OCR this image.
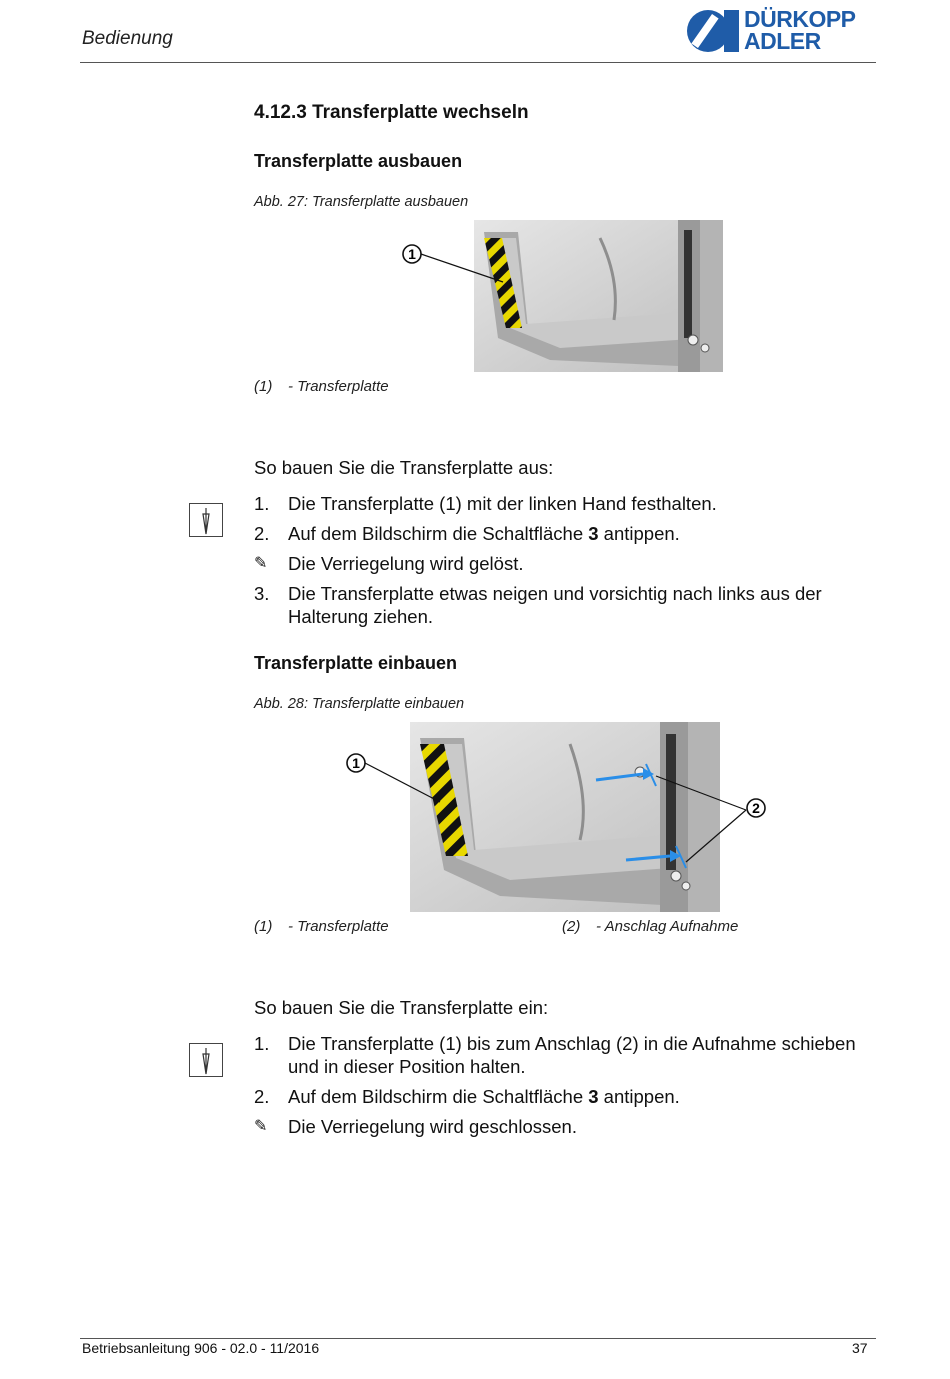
Bedienung
DÜRKOPP
ADLER
4.12.3 Transferplatte wechseln
Transferplatte ausbauen
Abb. 27: Transferplatte ausbauen
1
(1) - Transferplatte
So bauen Sie die Transferplatte aus:
1. Die Transferplatte (1) mit der linken Hand festhalten.
2. Auf dem Bildschirm die Schaltfläche 3 antippen.
✎ Die Verriegelung wird gelöst.
3. Die Transferplatte etwas neigen und vorsichtig nach links aus der Halterung ziehen.
Transferplatte einbauen
Abb. 28: Transferplatte einbauen
1
2
(1) - Transferplatte	(2) - Anschlag Aufnahme
So bauen Sie die Transferplatte ein:
1. Die Transferplatte (1) bis zum Anschlag (2) in die Aufnahme schieben und in dieser Position halten.
2. Auf dem Bildschirm die Schaltfläche 3 antippen.
✎ Die Verriegelung wird geschlossen.
Betriebsanleitung 906 - 02.0 - 11/2016	37
